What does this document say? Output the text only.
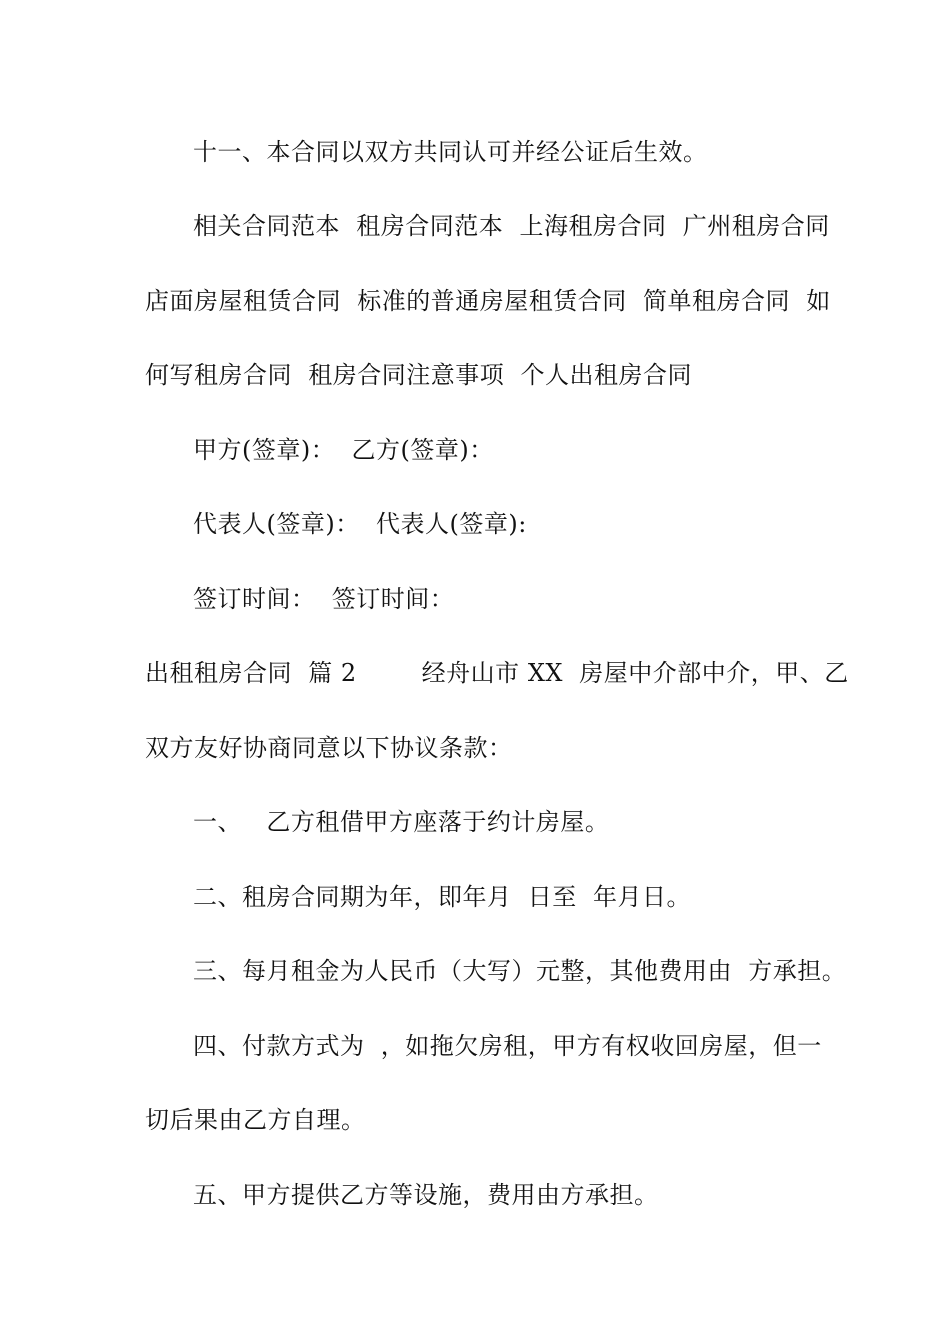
十一、本合同以双方共同认可并经公证后生效。
相关合同范本  租房合同范本  上海租房合同  广州租房合同
店面房屋租赁合同  标准的普通房屋租赁合同  简单租房合同  如
何写租房合同  租房合同注意事项  个人出租房合同
甲方(签章)：  乙方(签章)：
代表人(签章)：  代表人(签章):
签订时间：  签订时间：
出租租房合同  篇 2        经舟山市 XX  房屋中介部中介，甲、乙
双方友好协商同意以下协议条款：
一、   乙方租借甲方座落于约计房屋。
二、租房合同期为年，即年月  日至  年月日。
三、每月租金为人民币（大写）元整，其他费用由  方承担。
四、付款方式为  ，如拖欠房租，甲方有权收回房屋，但一
切后果由乙方自理。
五、甲方提供乙方等设施，费用由方承担。
